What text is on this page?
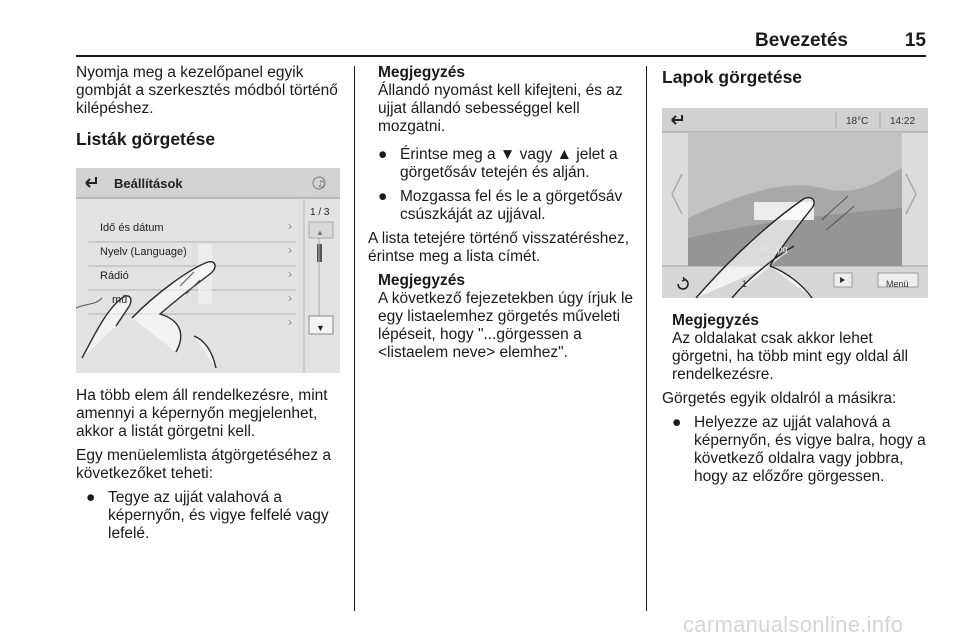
Bevezetés	15

Nyomja meg a kezelőpanel egyik gombját a szerkesztés módból történő kilépéshez.

Listák görgetése

♫
›
›
›
›
›
Beállítások
1 / 3
▲
▼
Idő és dátum
Nyelv (Language)
Rádió
mű

Ha több elem áll rendelkezésre, mint amennyi a képernyőn megjelenhet, akkor a listát görgetni kell.

Egy menüelemlista átgörgetéséhez a következőket teheti:

● Tegye az ujját valahová a képernyőn, és vigye felfelé vagy lefelé.

Megjegyzés

Állandó nyomást kell kifejteni, és az ujjat állandó sebességgel kell mozgatni.

● Érintse meg a ▼ vagy ▲ jelet a görgetősáv tetején és alján.
● Mozgassa fel és le a görgetősáv csúszkáját az ujjával.

A lista tetejére történő visszatéréshez, érintse meg a lista címét.

Megjegyzés

A következő fejezetekben úgy írjuk le egy listaelemhez görgetés műveleti lépéseit, hogy "...görgessen a <listaelem neve> elemhez".

Lapok görgetése

18°C 14:22
Bl...jpg
1	Menü

Megjegyzés

Az oldalakat csak akkor lehet görgetni, ha több mint egy oldal áll rendelkezésre.

Görgetés egyik oldalról a másikra:

● Helyezze az ujját valahová a képernyőn, és vigye balra, hogy a következő oldalra vagy jobbra, hogy az előzőre görgessen.
carmanualsonline.info
